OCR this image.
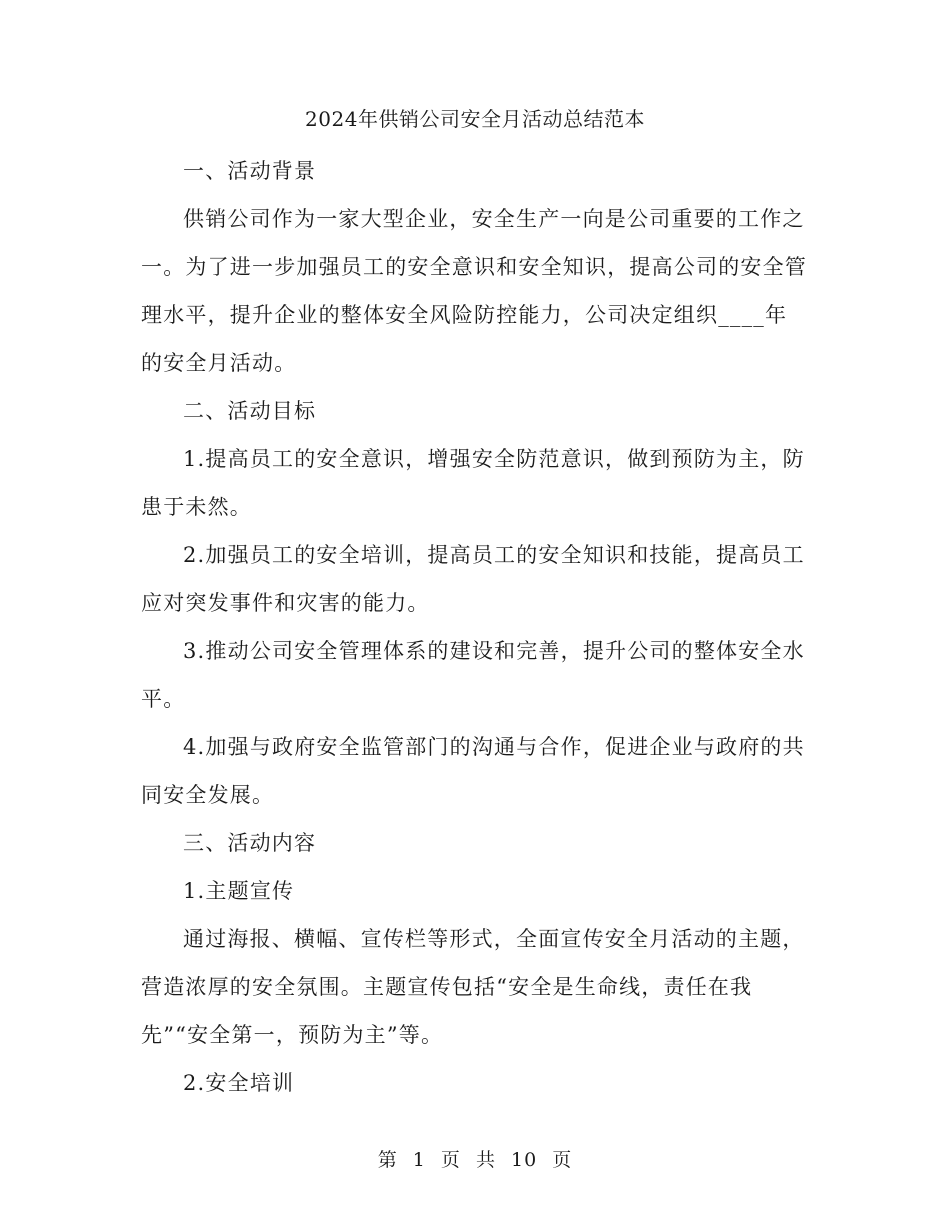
2024年供销公司安全月活动总结范本

一、活动背景

供销公司作为一家大型企业，安全生产一向是公司重要的工作之一。为了进一步加强员工的安全意识和安全知识，提高公司的安全管理水平，提升企业的整体安全风险防控能力，公司决定组织____年的安全月活动。

二、活动目标

1.提高员工的安全意识，增强安全防范意识，做到预防为主，防患于未然。

2.加强员工的安全培训，提高员工的安全知识和技能，提高员工应对突发事件和灾害的能力。

3.推动公司安全管理体系的建设和完善，提升公司的整体安全水平。

4.加强与政府安全监管部门的沟通与合作，促进企业与政府的共同安全发展。

三、活动内容

1.主题宣传

通过海报、横幅、宣传栏等形式，全面宣传安全月活动的主题，营造浓厚的安全氛围。主题宣传包括“安全是生命线，责任在我先”“安全第一，预防为主”等。

2.安全培训

第 1 页 共 10 页
